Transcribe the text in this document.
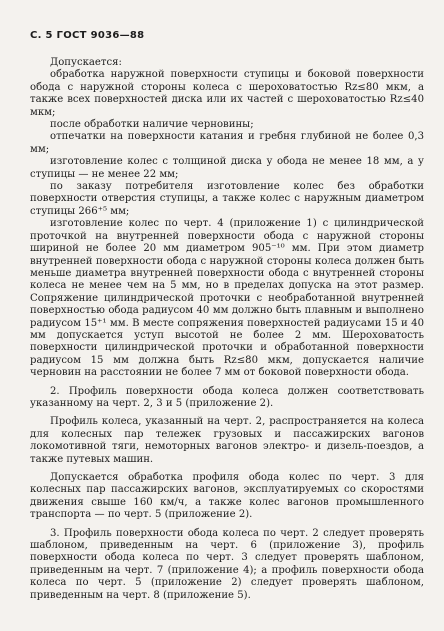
С. 5 ГОСТ 9036—88

Допускается:

обработка наружной поверхности ступицы и боковой поверхности обода с наружной стороны колеса с шероховатостью Rz≤80 мкм, а также всех поверхностей диска или их частей с шероховатостью Rz≤40 мкм;

после обработки наличие черновины;

отпечатки на поверхности катания и гребня глубиной не более 0,3 мм;

изготовление колес с толщиной диска у обода не менее 18 мм, а у ступицы — не менее 22 мм;

по заказу потребителя изготовление колес без обработки поверхности отверстия ступицы, а также колес с наружным диаметром ступицы 266⁺⁵ мм;

изготовление колес по черт. 4 (приложение 1) с цилиндрической проточкой на внутренней поверхности обода с наружной стороны шириной не более 20 мм диаметром 905⁻¹⁰ мм. При этом диаметр внутренней поверхности обода с наружной стороны колеса должен быть меньше диаметра внутренней поверхности обода с внутренней стороны колеса не менее чем на 5 мм, но в пределах допуска на этот размер. Сопряжение цилиндрической проточки с необработанной внутренней поверхностью обода радиусом 40 мм должно быть плавным и выполнено радиусом 15⁺¹ мм. В месте сопряжения поверхностей радиусами 15 и 40 мм допускается уступ высотой не более 2 мм. Шероховатость поверхности цилиндрической проточки и обработанной поверхности радиусом 15 мм должна быть Rz≤80 мкм, допускается наличие черновин на расстоянии не более 7 мм от боковой поверхности обода.

2. Профиль поверхности обода колеса должен соответствовать указанному на черт. 2, 3 и 5 (приложение 2).

Профиль колеса, указанный на черт. 2, распространяется на колеса для колесных пар тележек грузовых и пассажирских вагонов локомотивной тяги, немоторных вагонов электро- и дизель-поездов, а также путевых машин.

Допускается обработка профиля обода колес по черт. 3 для колесных пар пассажирских вагонов, эксплуатируемых со скоростями движения свыше 160 км/ч, а также колес вагонов промышленного транспорта — по черт. 5 (приложение 2).

3. Профиль поверхности обода колеса по черт. 2 следует проверять шаблоном, приведенным на черт. 6 (приложение 3), профиль поверхности обода колеса по черт. 3 следует проверять шаблоном, приведенным на черт. 7 (приложение 4); а профиль поверхности обода колеса по черт. 5 (приложение 2) следует проверять шаблоном, приведенным на черт. 8 (приложение 5).
